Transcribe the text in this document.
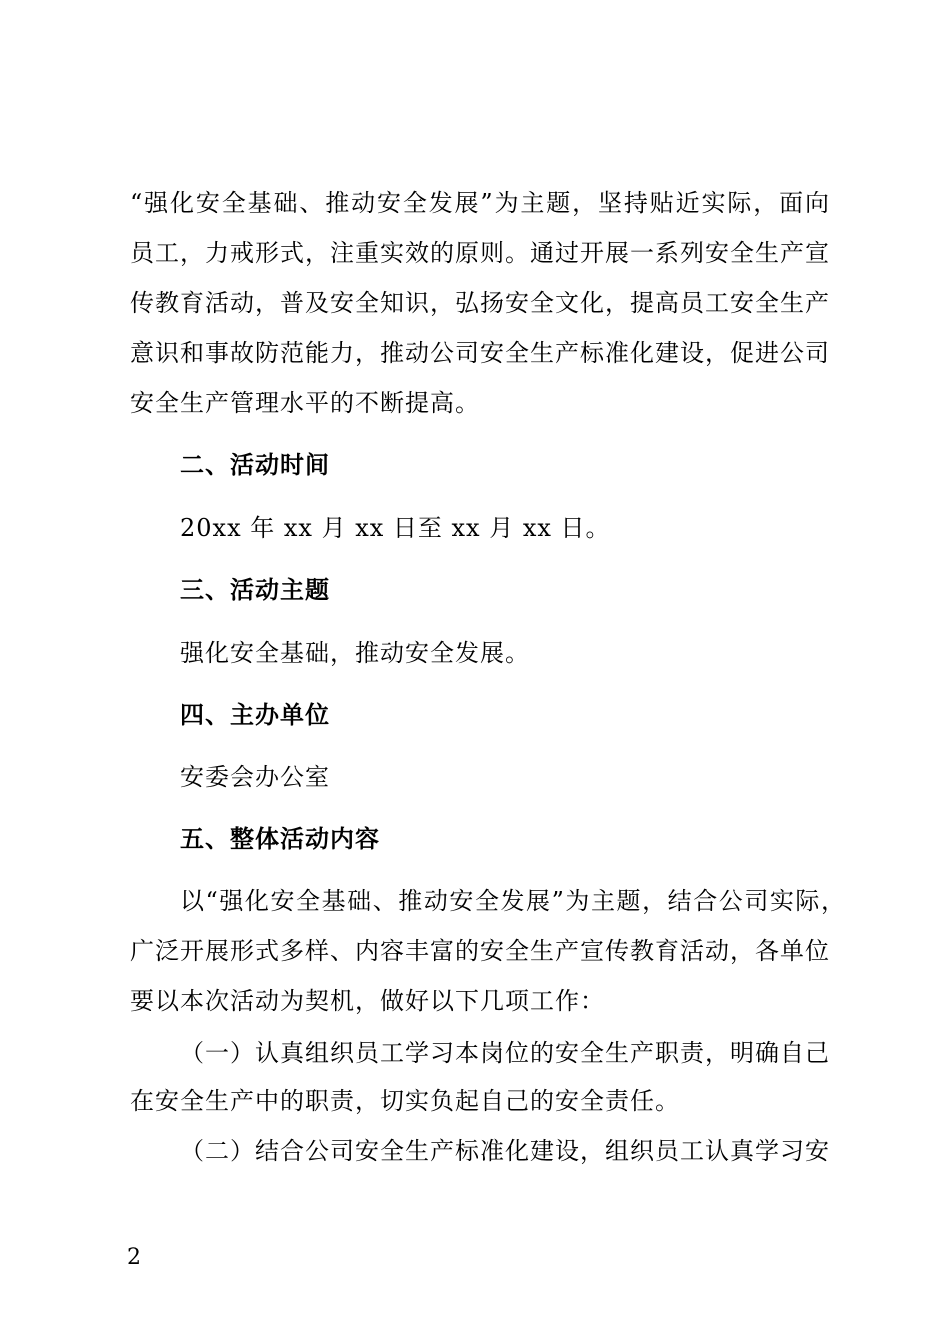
“强化安全基础、推动安全发展”为主题，坚持贴近实际，面向
员工，力戒形式，注重实效的原则。通过开展一系列安全生产宣
传教育活动，普及安全知识，弘扬安全文化，提高员工安全生产
意识和事故防范能力，推动公司安全生产标准化建设，促进公司
安全生产管理水平的不断提高。
二、活动时间
20xx 年 xx 月 xx 日至 xx 月 xx 日。
三、活动主题
强化安全基础，推动安全发展。
四、主办单位
安委会办公室
五、整体活动内容
以“强化安全基础、推动安全发展”为主题，结合公司实际，
广泛开展形式多样、内容丰富的安全生产宣传教育活动，各单位
要以本次活动为契机，做好以下几项工作：
（一）认真组织员工学习本岗位的安全生产职责，明确自己
在安全生产中的职责，切实负起自己的安全责任。
（二）结合公司安全生产标准化建设，组织员工认真学习安
2
